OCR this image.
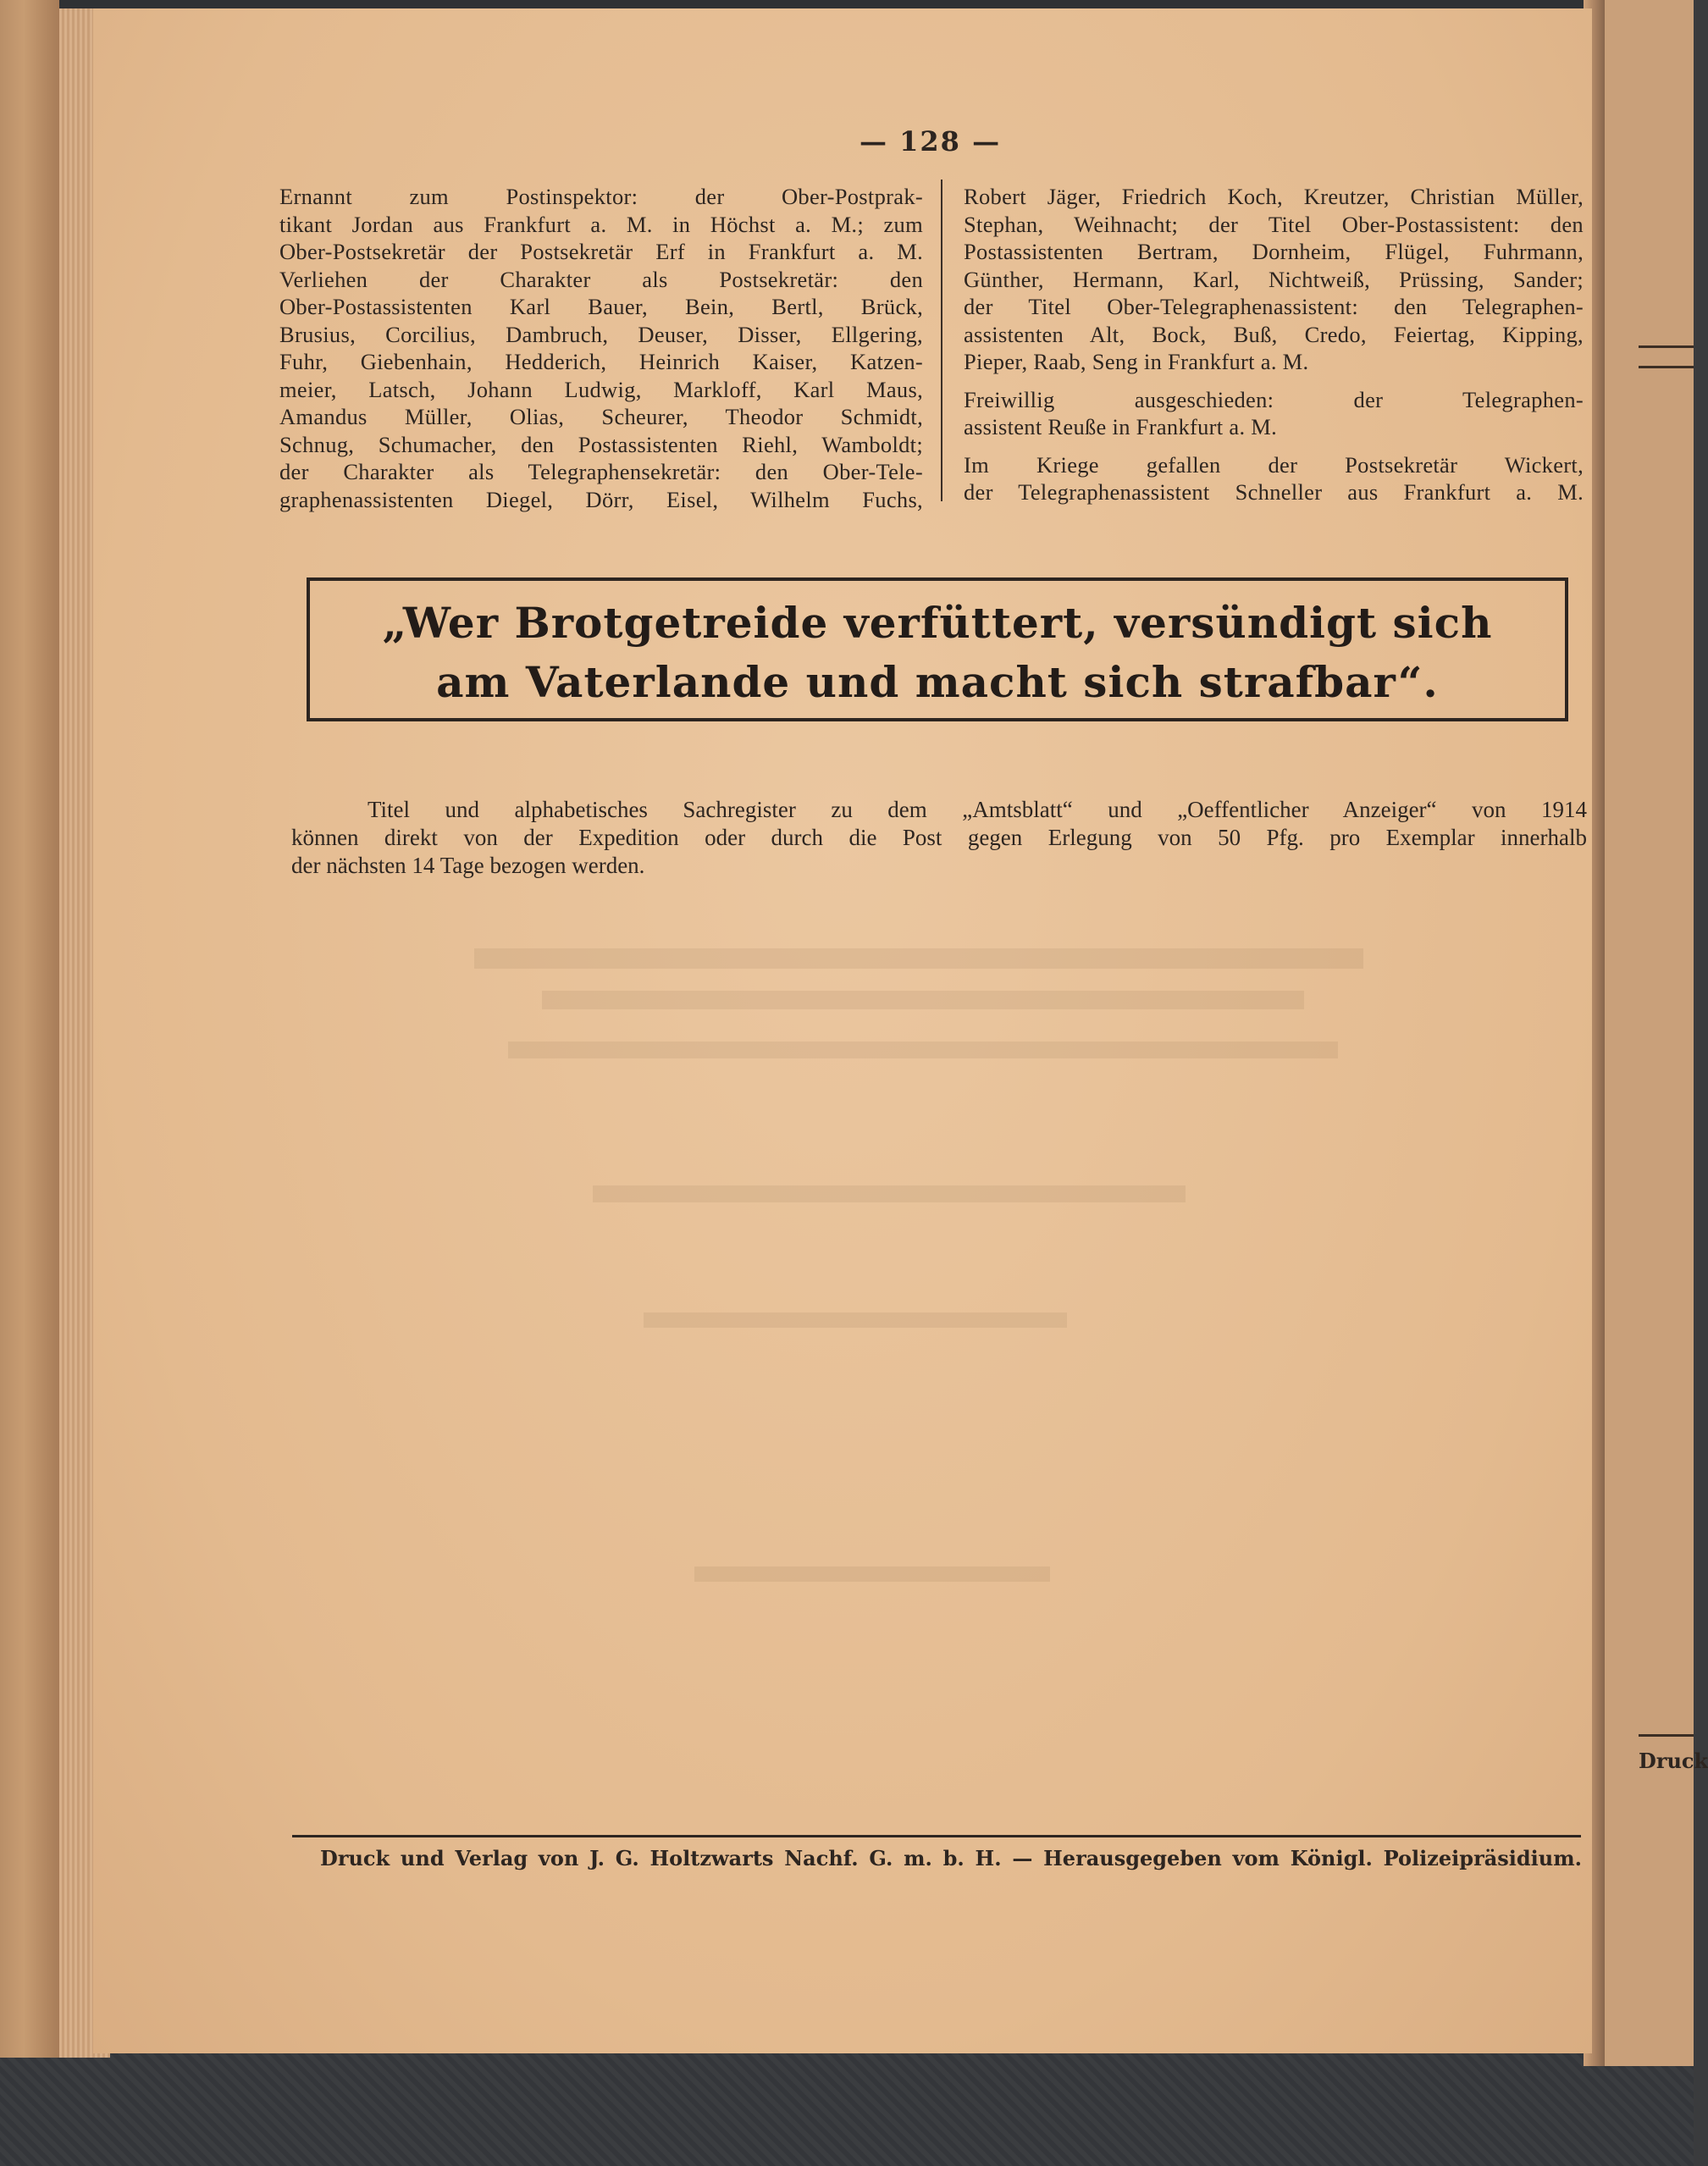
Druck
— 128 —

Ernannt zum Postinspektor: der Ober-Postprak-

tikant Jordan aus Frankfurt a. M. in Höchst a. M.; zum

Ober-Postsekretär der Postsekretär Erf in Frankfurt a. M.

Verliehen der Charakter als Postsekretär: den

Ober-Postassistenten Karl Bauer, Bein, Bertl, Brück,

Brusius, Corcilius, Dambruch, Deuser, Disser, Ellgering,

Fuhr, Giebenhain, Hedderich, Heinrich Kaiser, Katzen-

meier, Latsch, Johann Ludwig, Markloff, Karl Maus,

Amandus Müller, Olias, Scheurer, Theodor Schmidt,

Schnug, Schumacher, den Postassistenten Riehl, Wamboldt;

der Charakter als Telegraphensekretär: den Ober-Tele-

graphenassistenten Diegel, Dörr, Eisel, Wilhelm Fuchs,

Robert Jäger, Friedrich Koch, Kreutzer, Christian Müller,

Stephan, Weihnacht; der Titel Ober-Postassistent: den

Postassistenten Bertram, Dornheim, Flügel, Fuhrmann,

Günther, Hermann, Karl, Nichtweiß, Prüssing, Sander;

der Titel Ober-Telegraphenassistent: den Telegraphen-

assistenten Alt, Bock, Buß, Credo, Feiertag, Kipping,

Pieper, Raab, Seng in Frankfurt a. M.

Freiwillig ausgeschieden: der Telegraphen-

assistent Reuße in Frankfurt a. M.

Im Kriege gefallen der Postsekretär Wickert,

der Telegraphenassistent Schneller aus Frankfurt a. M.

„Wer Brotgetreide verfüttert, versündigt sich
am Vaterlande und macht sich strafbar“.

Titel und alphabetisches Sachregister zu dem „Amtsblatt“ und „Oeffentlicher Anzeiger“ von 1914

können direkt von der Expedition oder durch die Post gegen Erlegung von 50 Pfg. pro Exemplar innerhalb

der nächsten 14 Tage bezogen werden.

Druck und Verlag von J. G. Holtzwarts Nachf. G. m. b. H. — Herausgegeben vom Königl. Polizeipräsidium.
